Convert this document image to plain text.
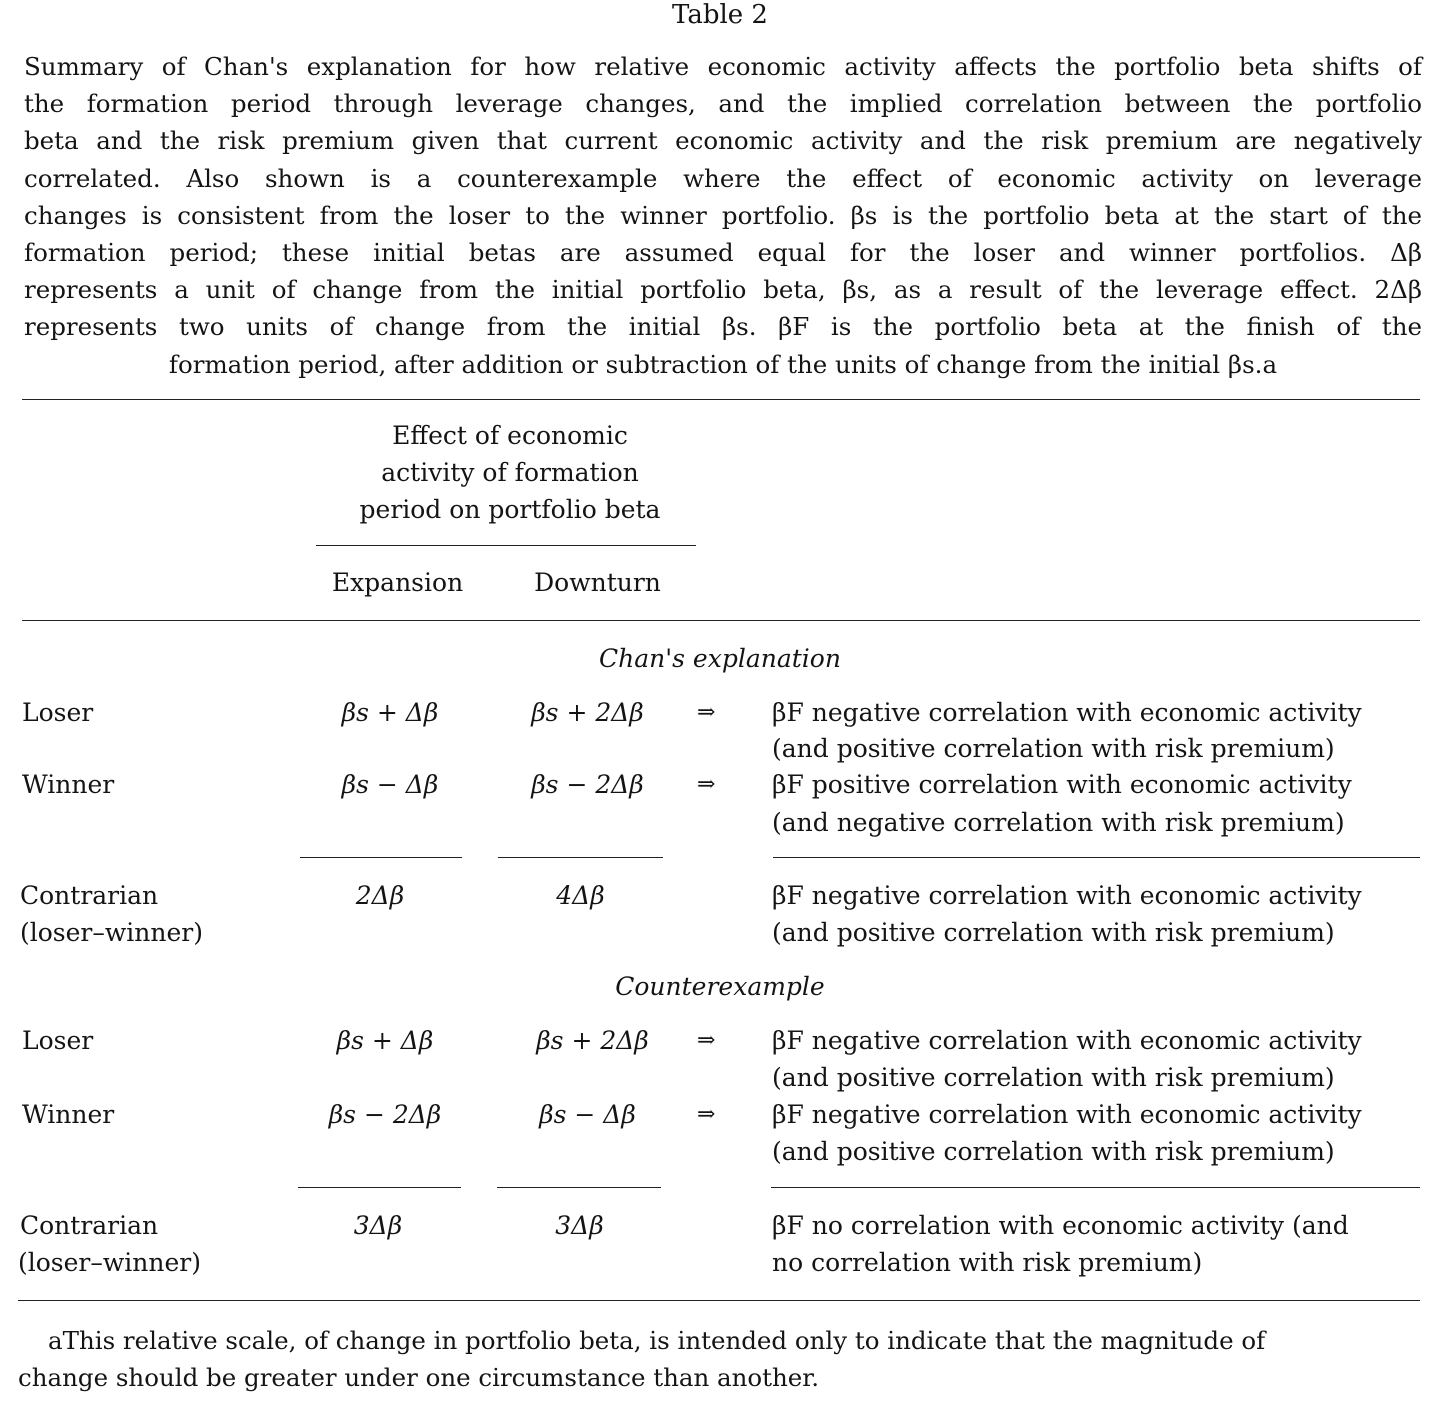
Table 2
Summary of Chan's explanation for how relative economic activity affects the portfolio beta shifts of
the formation period through leverage changes, and the implied correlation between the portfolio
beta and the risk premium given that current economic activity and the risk premium are negatively
correlated. Also shown is a counterexample where the effect of economic activity on leverage
changes is consistent from the loser to the winner portfolio. βs is the portfolio beta at the start of the
formation period; these initial betas are assumed equal for the loser and winner portfolios. Δβ
represents a unit of change from the initial portfolio beta, βs, as a result of the leverage effect. 2Δβ
represents two units of change from the initial βs. βF is the portfolio beta at the finish of the
formation period, after addition or subtraction of the units of change from the initial βs.a
Effect of economic
activity of formation
period on portfolio beta
Expansion	Downturn
Chan's explanation
Loser	βs + Δβ	βs + 2Δβ	⇒ βF negative correlation with economic activity
(and positive correlation with risk premium)
Winner	βs − Δβ	βs − 2Δβ	⇒ βF positive correlation with economic activity
(and negative correlation with risk premium)
Contrarian
(loser–winner)
2Δβ	4Δβ	βF negative correlation with economic activity
(and positive correlation with risk premium)
Counterexample
Loser	βs + Δβ	βs + 2Δβ	⇒ βF negative correlation with economic activity
(and positive correlation with risk premium)
Winner	βs − 2Δβ	βs − Δβ	⇒ βF negative correlation with economic activity
(and positive correlation with risk premium)
Contrarian
(loser–winner)
3Δβ	3Δβ	βF no correlation with economic activity (and
no correlation with risk premium)
aThis relative scale, of change in portfolio beta, is intended only to indicate that the magnitude of
change should be greater under one circumstance than another.
